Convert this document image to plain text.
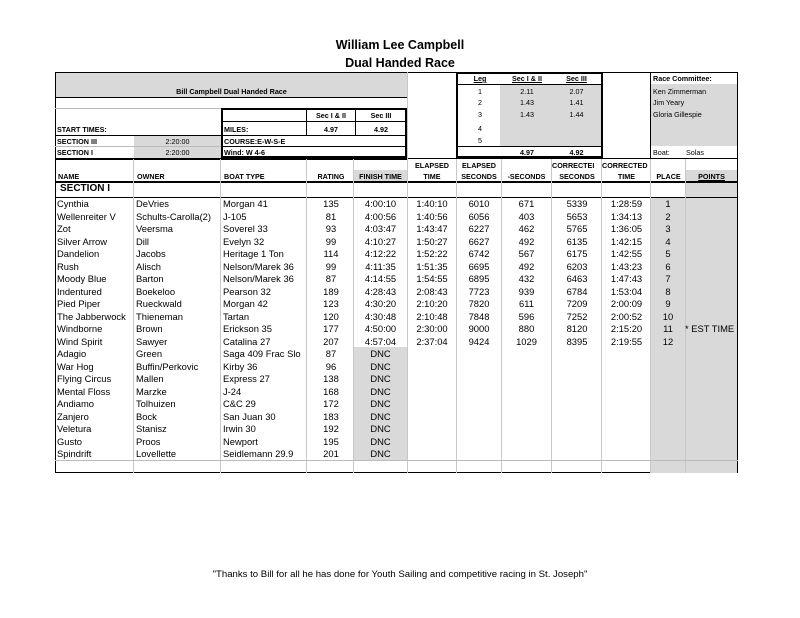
William Lee Campbell
Dual Handed Race
Bill Campbell Dual Handed Race
Sec I & II	Sec III
START TIMES:	MILES:	4.97	4.92
COURSE:E-W-S-E
Wind: W 4-6
SECTION III	2:20:00
SECTION I	2:20:00
Leg	Sec I & II	Sec III
1	2.11	2.07
2	1.43	1.41
3	1.43	1.44
4
5
4.97	4.92
Race Committee:
Ken Zimmerman
Jim Yeary
Gloria Gillespie
Boat:	Solas
ELAPSED	ELAPSED	CORRECTEI	CORRECTED
NAME	OWNER	BOAT TYPE	RATING	FINISH TIME	TIME	SECONDS	-SECONDS	SECONDS	TIME	PLACE	POINTS
SECTION I
Cynthia	DeVries	Morgan 41	135	4:00:10	1:40:10	6010	671	5339	1:28:59	1
Wellenreiter V	Schults-Carolla(2)	J-105	81	4:00:56	1:40:56	6056	403	5653	1:34:13	2
Zot	Veersma	Soverel 33	93	4:03:47	1:43:47	6227	462	5765	1:36:05	3
Silver Arrow	Dill	Evelyn 32	99	4:10:27	1:50:27	6627	492	6135	1:42:15	4
Dandelion	Jacobs	Heritage 1 Ton	114	4:12:22	1:52:22	6742	567	6175	1:42:55	5
Rush	Alisch	Nelson/Marek 36	99	4:11:35	1:51:35	6695	492	6203	1:43:23	6
Moody Blue	Barton	Nelson/Marek 36	87	4:14:55	1:54:55	6895	432	6463	1:47:43	7
Indentured	Boekeloo	Pearson 32	189	4:28:43	2:08:43	7723	939	6784	1:53:04	8
Pied Piper	Rueckwald	Morgan 42	123	4:30:20	2:10:20	7820	611	7209	2:00:09	9
The Jabberwock	Thieneman	Tartan	120	4:30:48	2:10:48	7848	596	7252	2:00:52	10
Windborne	Brown	Erickson 35	177	4:50:00	2:30:00	9000	880	8120	2:15:20	11	* EST TIME
Wind Spirit	Sawyer	Catalina 27	207	4:57:04	2:37:04	9424	1029	8395	2:19:55	12
Adagio	Green	Saga 409 Frac Slo	87	DNC
War Hog	Buffin/Perkovic	Kirby 36	96	DNC
Flying Circus	Mallen	Express 27	138	DNC
Mental Floss	Marzke	J-24	168	DNC
Andiamo	Tolhuizen	C&C 29	172	DNC
Zanjero	Bock	San Juan 30	183	DNC
Veletura	Stanisz	Irwin 30	192	DNC
Gusto	Proos	Newport	195	DNC
Spindrift	Lovellette	Seidlemann 29.9	201	DNC
"Thanks to Bill for all he has done for Youth Sailing and competitive racing in St. Joseph"
